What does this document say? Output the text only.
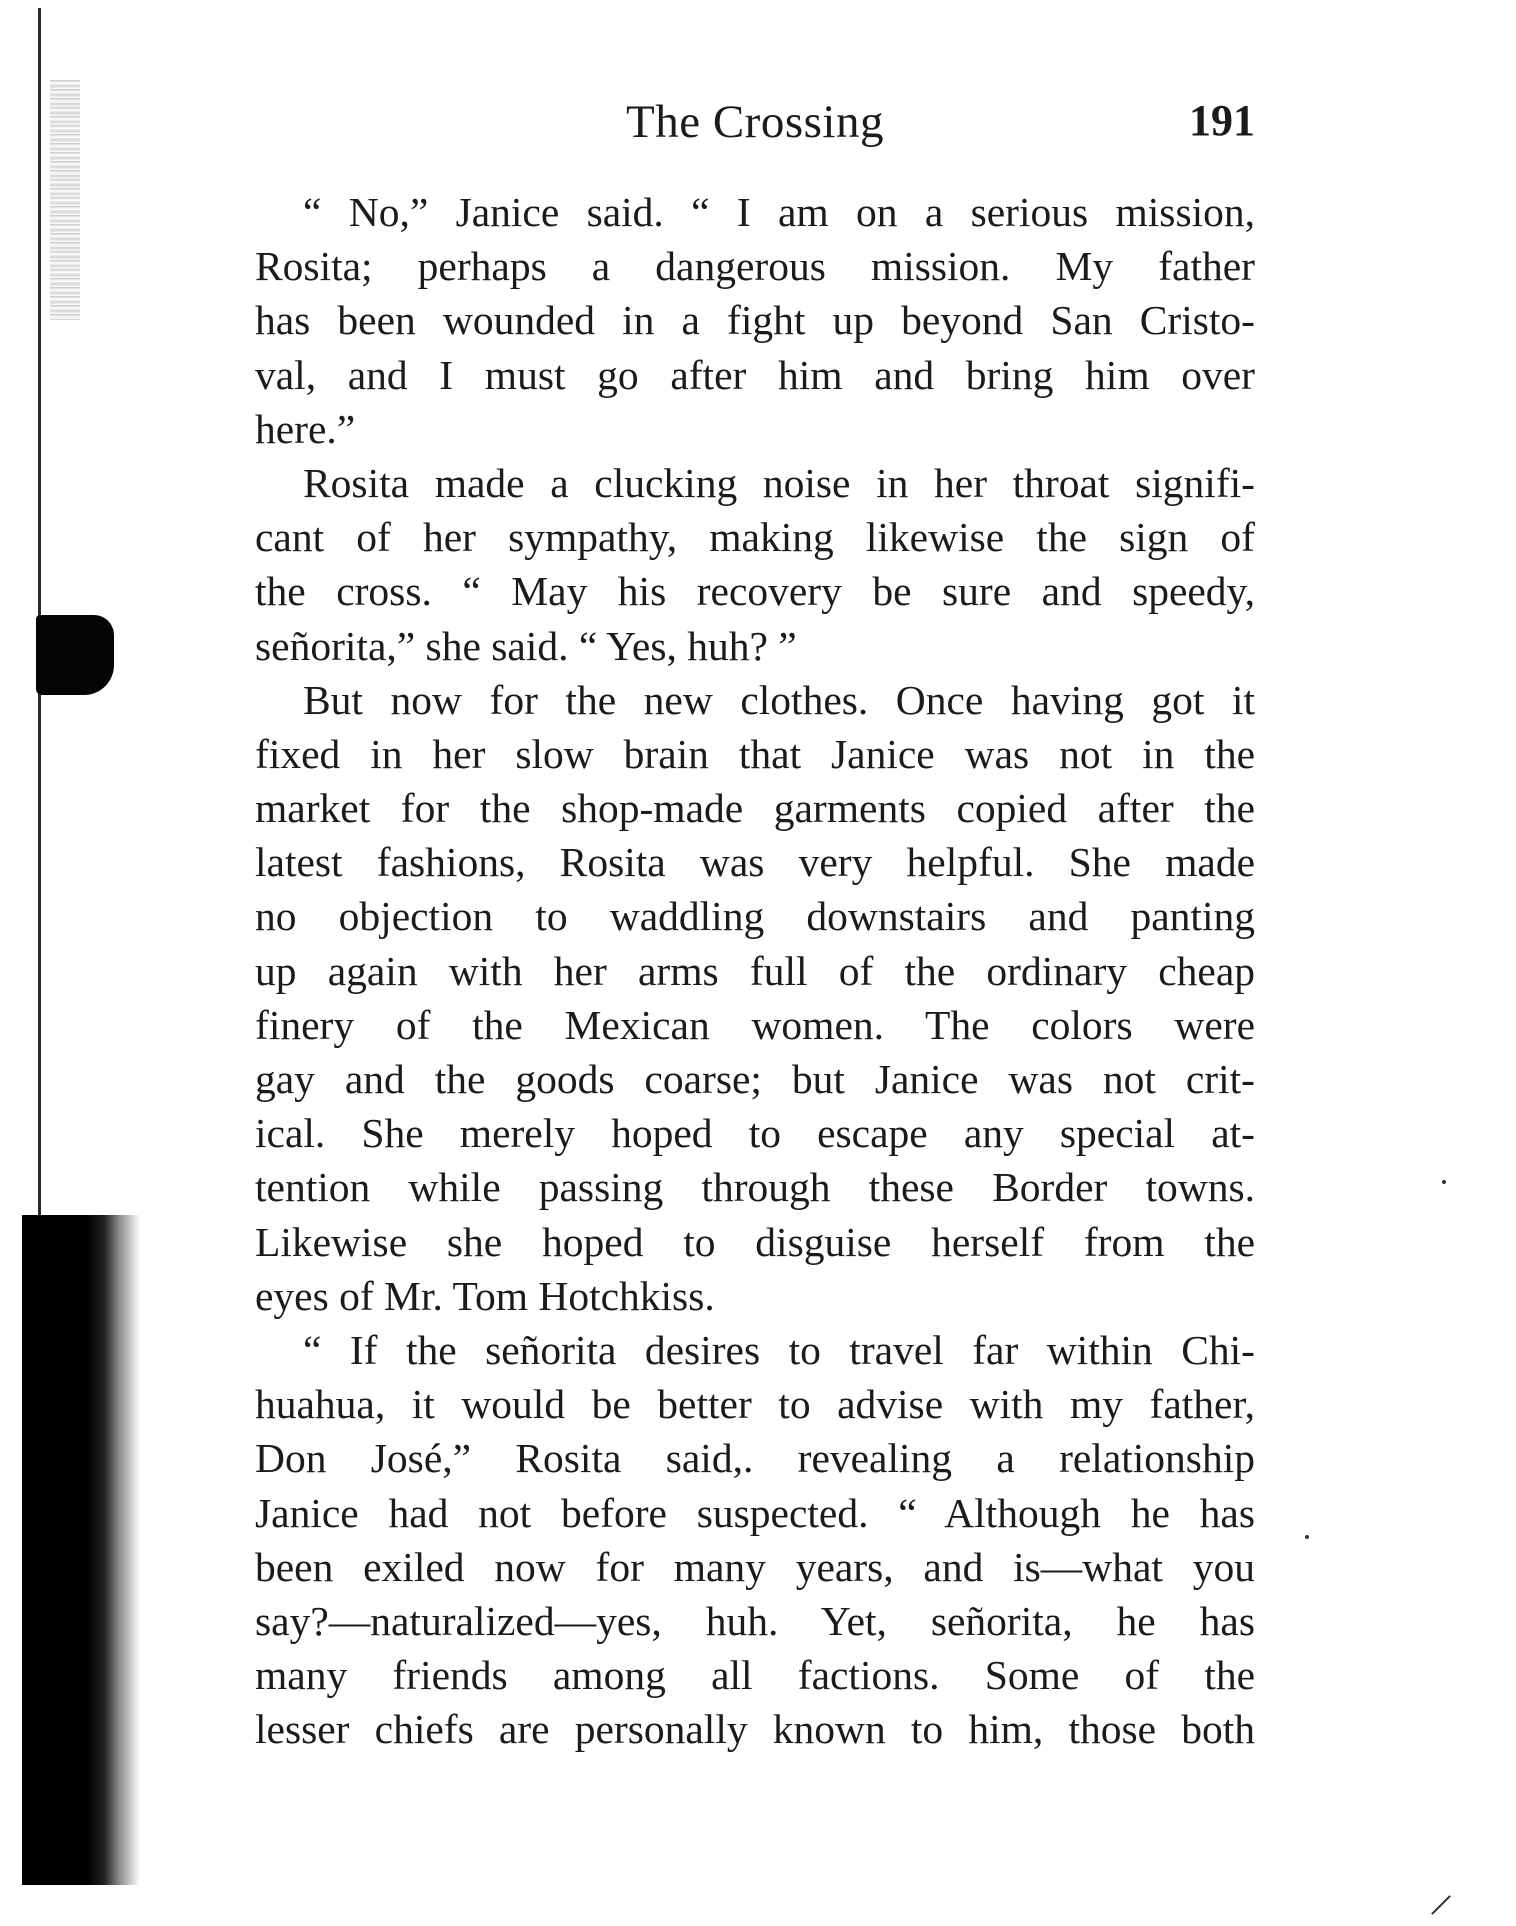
The Crossing	191
“ No,” Janice said. “ I am on a serious mission,
Rosita; perhaps a dangerous mission. My father
has been wounded in a fight up beyond San Cristo-
val, and I must go after him and bring him over
here.”
Rosita made a clucking noise in her throat signifi-
cant of her sympathy, making likewise the sign of
the cross. “ May his recovery be sure and speedy,
señorita,” she said. “ Yes, huh? ”
But now for the new clothes. Once having got it
fixed in her slow brain that Janice was not in the
market for the shop-made garments copied after the
latest fashions, Rosita was very helpful. She made
no objection to waddling downstairs and panting
up again with her arms full of the ordinary cheap
finery of the Mexican women. The colors were
gay and the goods coarse; but Janice was not crit-
ical. She merely hoped to escape any special at-
tention while passing through these Border towns.
Likewise she hoped to disguise herself from the
eyes of Mr. Tom Hotchkiss.
“ If the señorita desires to travel far within Chi-
huahua, it would be better to advise with my father,
Don José,” Rosita said,. revealing a relationship
Janice had not before suspected. “ Although he has
been exiled now for many years, and is—what you
say?—naturalized—yes, huh. Yet, señorita, he has
many friends among all factions. Some of the
lesser chiefs are personally known to him, those both
